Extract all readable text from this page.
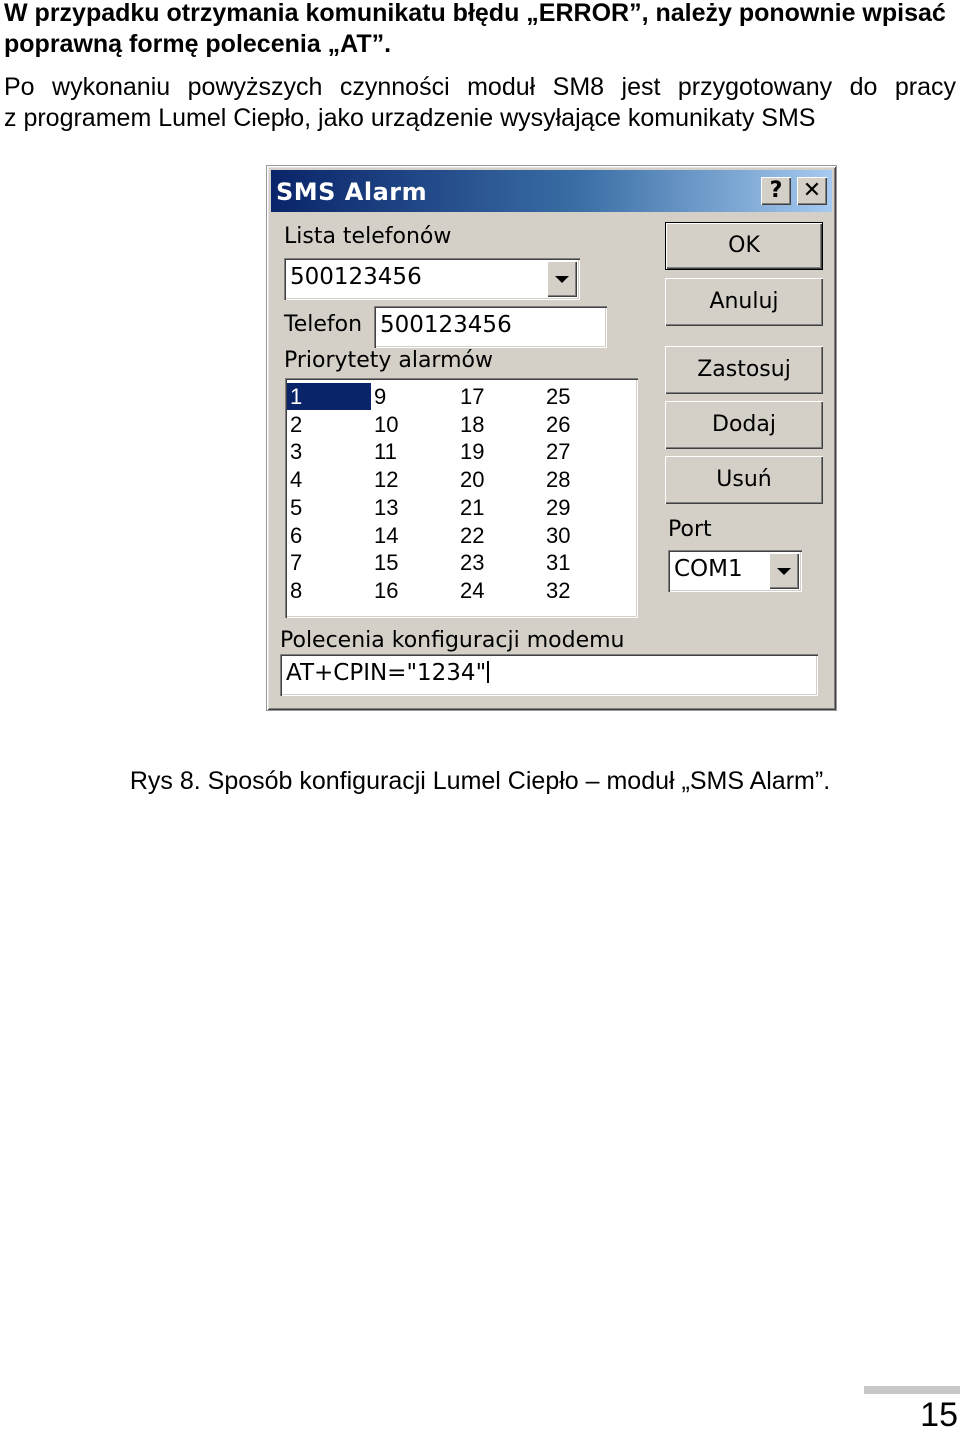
W przypadku otrzymania komunikatu błędu „ERROR”, należy ponownie wpisać poprawną formę polecenia „AT”.

Po wykonaniu powyższych czynności moduł SM8 jest przygotowany do pracy
z programem Lumel Ciepło, jako urządzenie wysyłające komunikaty SMS

SMS Alarm	? ✕
Lista telefonów
500123456
Telefon 500123456
Priorytety alarmów
1
2
3
4
5
6
7
8
9
10
11
12
13
14
15
16
17
18
19
20
21
22
23
24
25
26
27
28
29
30
31
32
OK
Anuluj
Zastosuj
Dodaj
Usuń
Port
COM1
Polecenia konfiguracji modemu
AT+CPIN="1234"
Rys 8. Sposób konfiguracji Lumel Ciepło – moduł „SMS Alarm”.
15
